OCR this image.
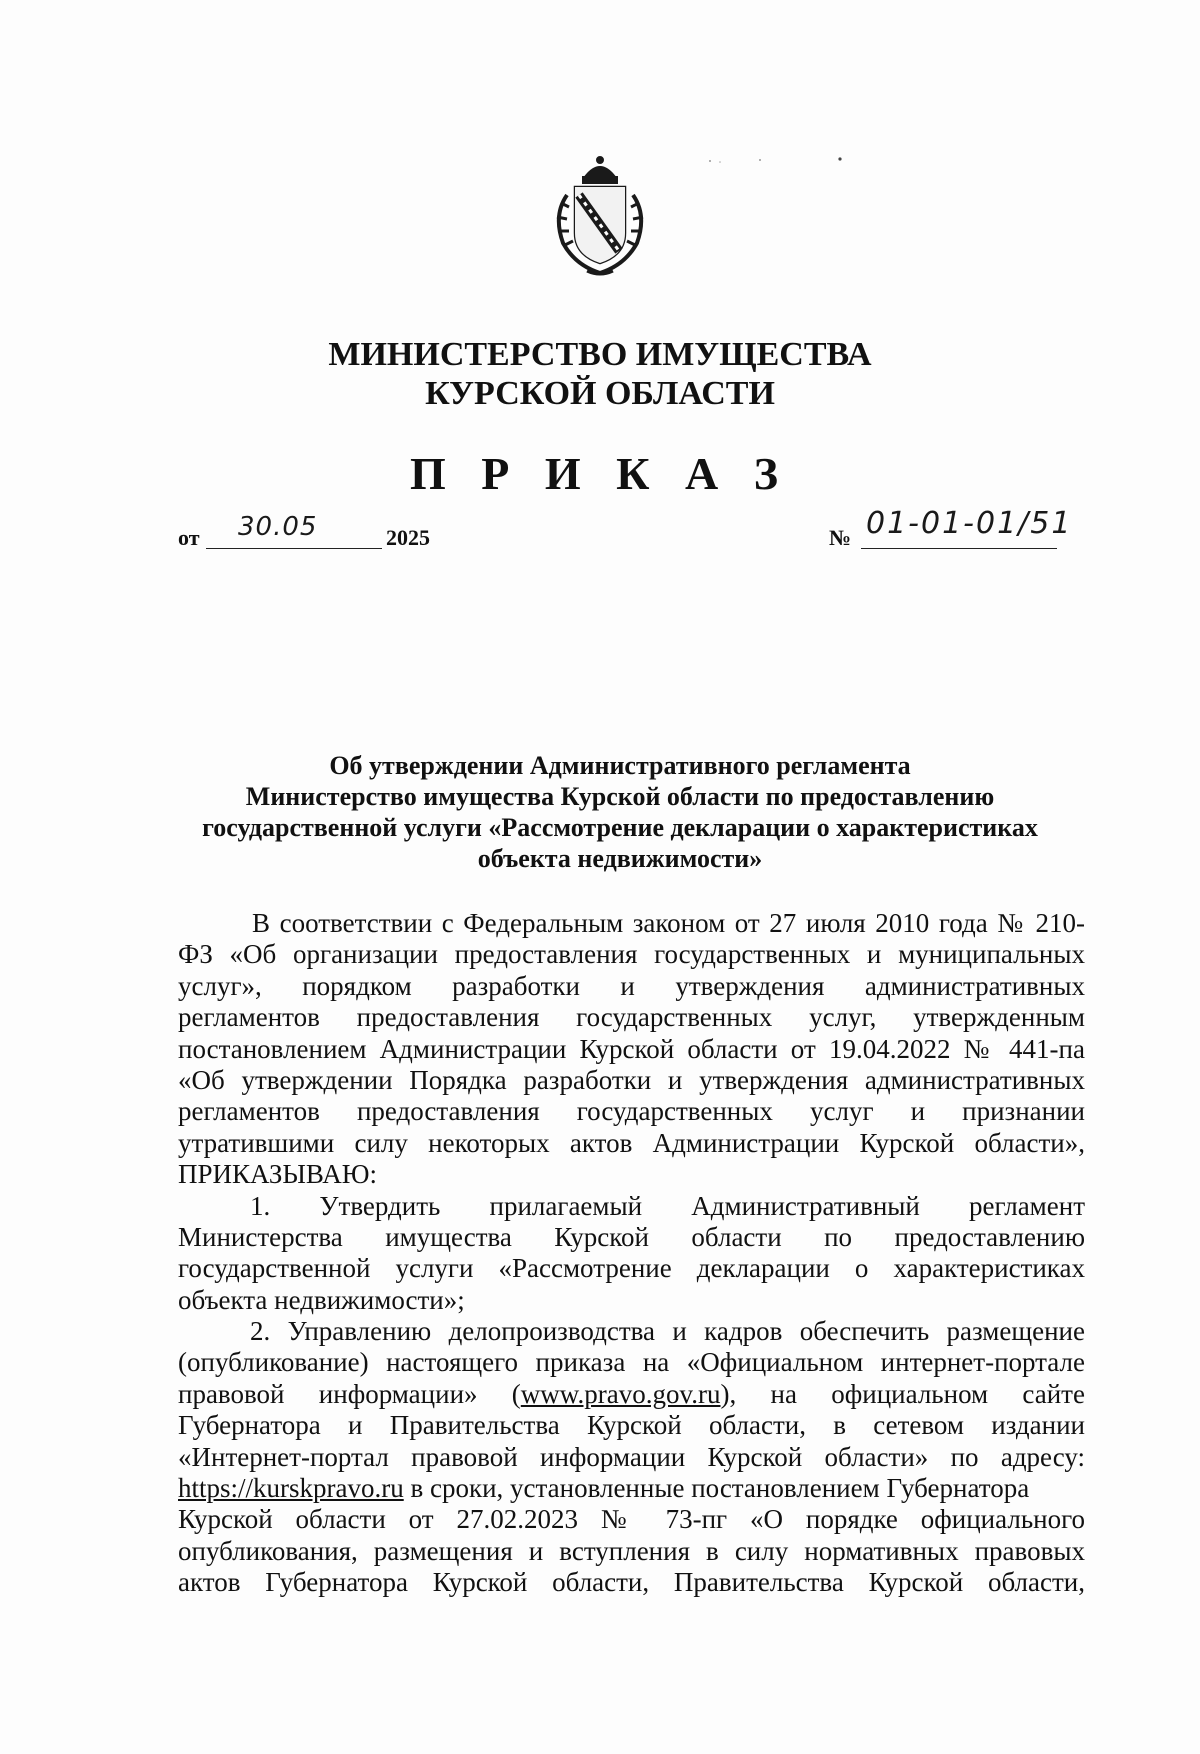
МИНИСТЕРСТВО ИМУЩЕСТВА
КУРСКОЙ ОБЛАСТИ
П Р И К А З
от 30.05	2025	№ 01-01-01/51
Об утверждении Административного регламента
Министерство имущества Курской области по предоставлению
государственной услуги «Рассмотрение декларации о характеристиках
объекта недвижимости»
В соответствии с Федеральным законом от 27 июля 2010 года № 210-
ФЗ «Об организации предоставления государственных и муниципальных
услуг», порядком разработки и утверждения административных
регламентов предоставления государственных услуг, утвержденным
постановлением Администрации Курской области от 19.04.2022 № 441-па
«Об утверждении Порядка разработки и утверждения административных
регламентов предоставления государственных услуг и признании
утратившими силу некоторых актов Администрации Курской области»,
ПРИКАЗЫВАЮ:
1. Утвердить прилагаемый Административный регламент
Министерства имущества Курской области по предоставлению
государственной услуги «Рассмотрение декларации о характеристиках
объекта недвижимости»;
2. Управлению делопроизводства и кадров обеспечить размещение
(опубликование) настоящего приказа на «Официальном интернет-портале
правовой информации» (www.pravo.gov.ru), на официальном сайте
Губернатора и Правительства Курской области, в сетевом издании
«Интернет-портал правовой информации Курской области» по адресу:
https://kurskpravo.ru в сроки, установленные постановлением Губернатора
Курской области от 27.02.2023 № 73-пг «О порядке официального
опубликования, размещения и вступления в силу нормативных правовых
актов Губернатора Курской области, Правительства Курской области,
